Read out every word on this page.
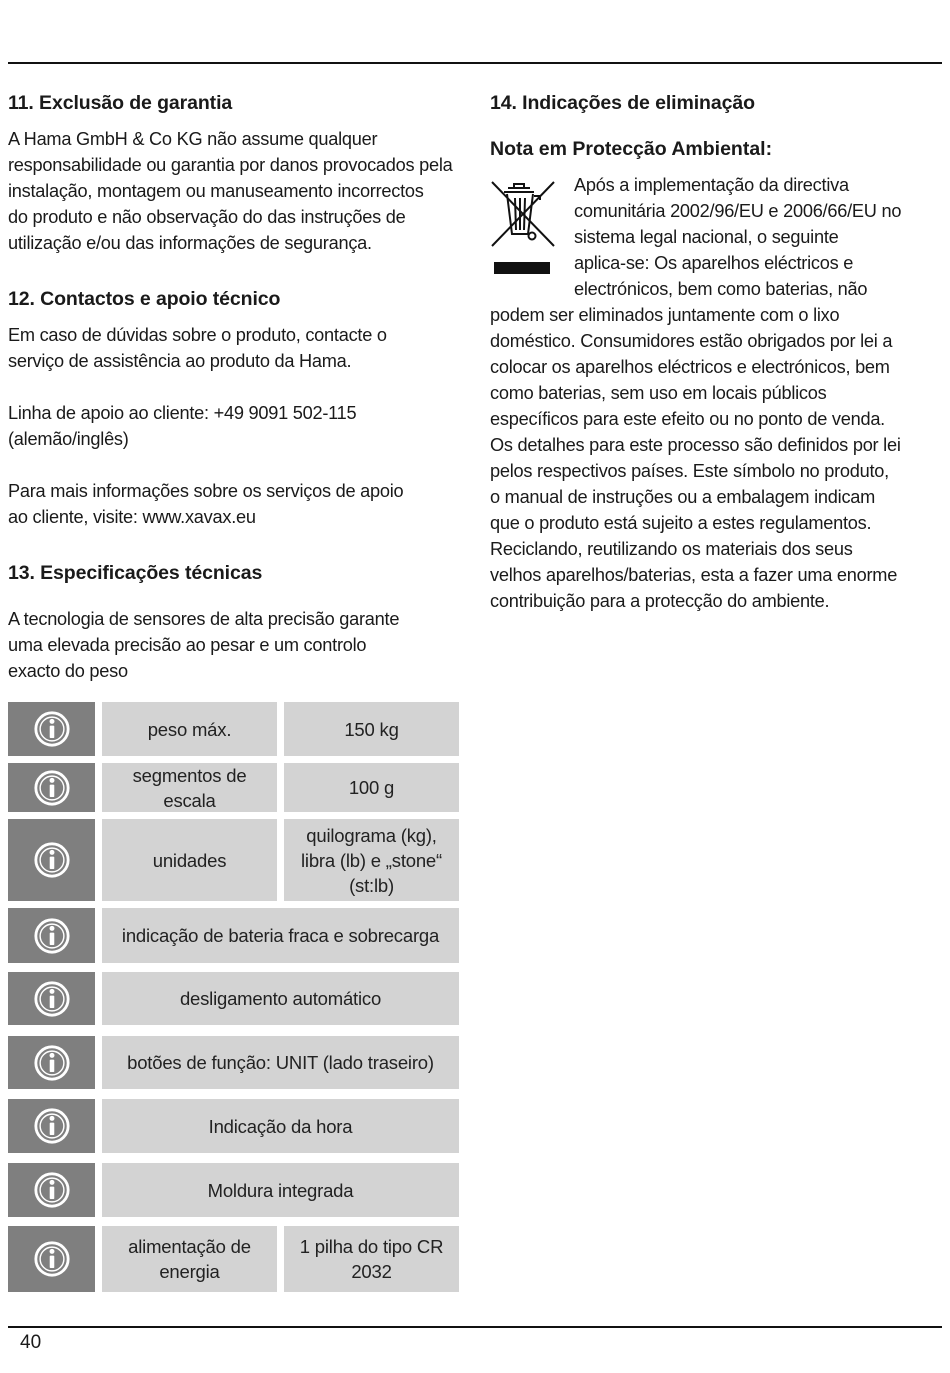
11. Exclusão de garantia

A Hama GmbH & Co KG não assume qualquer

responsabilidade ou garantia por danos provocados pela

instalação, montagem ou manuseamento incorrectos

do produto e não observação do das instruções de

utilização e/ou das informações de segurança.

12. Contactos e apoio técnico

Em caso de dúvidas sobre o produto, contacte o

serviço de assistência ao produto da Hama.

Linha de apoio ao cliente: +49 9091 502-115

(alemão/inglês)

Para mais informações sobre os serviços de apoio

ao cliente, visite: www.xavax.eu

13. Especificações técnicas

A tecnologia de sensores de alta precisão garante

uma elevada precisão ao pesar e um controlo

exacto do peso

peso máx.	150 kg
segmentos de escala
100 g
unidades
quilograma (kg), libra (lb) e „stone“ (st:lb)
indicação de bateria fraca e sobrecarga
desligamento automático
botões de função: UNIT (lado traseiro)
Indicação da hora
Moldura integrada
alimentação de energia
1 pilha do tipo CR 2032
14. Indicações de eliminação
Nota em Protecção Ambiental:

Após a implementação da directiva

comunitária 2002/96/EU e 2006/66/EU no

sistema legal nacional, o seguinte

aplica-se: Os aparelhos eléctricos e

electrónicos, bem como baterias, não

podem ser eliminados juntamente com o lixo

doméstico. Consumidores estão obrigados por lei a

colocar os aparelhos eléctricos e electrónicos, bem

como baterias, sem uso em locais públicos

específicos para este efeito ou no ponto de venda.

Os detalhes para este processo são definidos por lei

pelos respectivos países. Este símbolo no produto,

o manual de instruções ou a embalagem indicam

que o produto está sujeito a estes regulamentos.

Reciclando, reutilizando os materiais dos seus

velhos aparelhos/baterias, esta a fazer uma enorme

contribuição para a protecção do ambiente.

40
